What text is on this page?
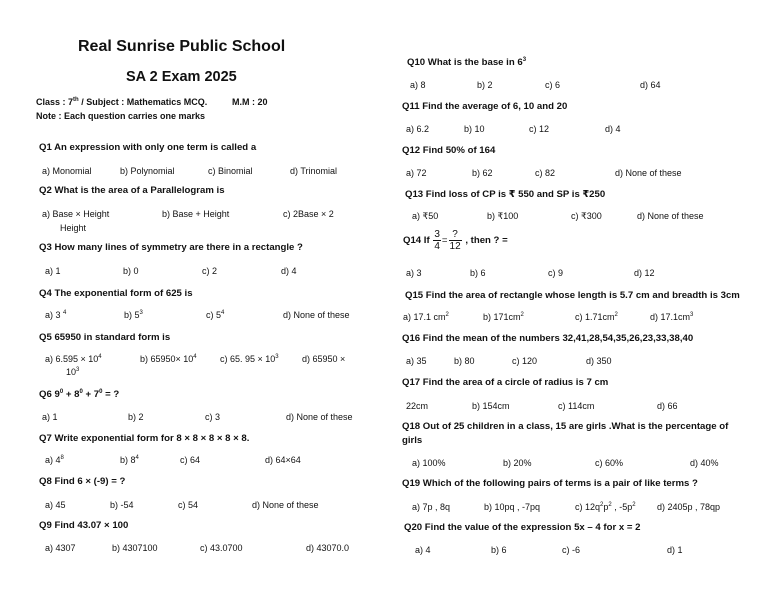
Real Sunrise Public School
SA 2 Exam 2025
Class : 7th / Subject : Mathematics MCQ.	M.M : 20
Note : Each question carries one marks
Q1 An expression with only one term is called a
a) Monomial	b) Polynomial	c) Binomial	d) Trinomial
Q2 What is the area of a Parallelogram is
a) Base × Height
Height
b) Base + Height	c) 2Base × 2
Q3 How many lines of symmetry are there in a rectangle ?
a) 1	b) 0	c) 2	d) 4
Q4 The exponential form of 625 is
a) 3 $^4$	b) $5^3$	c) $5^4$	d) None of these
Q5 65950 in standard form is
a) $6.595 \times 10^4$
$10^3$
b) $65950\times 10^4$	c) 65. $95 \times 10^3$	d) 65950 ×
Q6 $9^0 + 8^0 + 7^0$ = ?
a) 1	b) 2	c) 3	d) None of these
Q7 Write exponential form for 8 × 8 × 8 × 8 × 8.
a) $4^8$	b) $8^4$	c) 64	d) 64×64
Q8 Find 6 × (-9) = ?
a) 45	b) -54	c) 54	d) None of these
Q9 Find 43.07 × 100
a) 4307	b) 4307100	c) 43.0700	d) 43070.0
Q10 What is the base in $6^3$
a) 8	b) 2	c) 6	d) 64
Q11 Find the average of 6, 10 and 20
a) 6.2	b) 10	c) 12	d) 4
Q12 Find 50% of 164
a) 72	b) 62	c) 82	d) None of these
Q13 Find loss of CP is ₹ 550 and SP is ₹250
a) ₹50	b) ₹100	c) ₹300	d) None of these
Q14 If $\frac{3}{4} = \frac{?}{12}$ , then ? =
a) 3	b) 6	c) 9	d) 12
Q15 Find the area of rectangle whose length is 5.7 cm and breadth is 3cm
a) 17.1 $cm^2$	b) $171cm^2$	c) $1.71cm^2$	d) $17.1cm^3$
Q16 Find the mean of the numbers 32,41,28,54,35,26,23,33,38,40
a) 35	b) 80	c) 120	d) 350
Q17 Find the area of a circle of radius is 7 cm
22cm	b) 154cm	c) 114cm	d) 66
Q18 Out of 25 children in a class, 15 are girls .What is the percentage of
girls
a) 100%	b) 20%	c) 60%	d) 40%
Q19 Which of the following pairs of terms is a pair of like terms ?
a) 7p , 8q	b) 10pq , -7pq	c) $12q^2p^2$ , $-5p^2$ d) 2405p , 78qp
Q20 Find the value of the expression 5x – 4 for x = 2
a) 4	b) 6	c) -6	d) 1
